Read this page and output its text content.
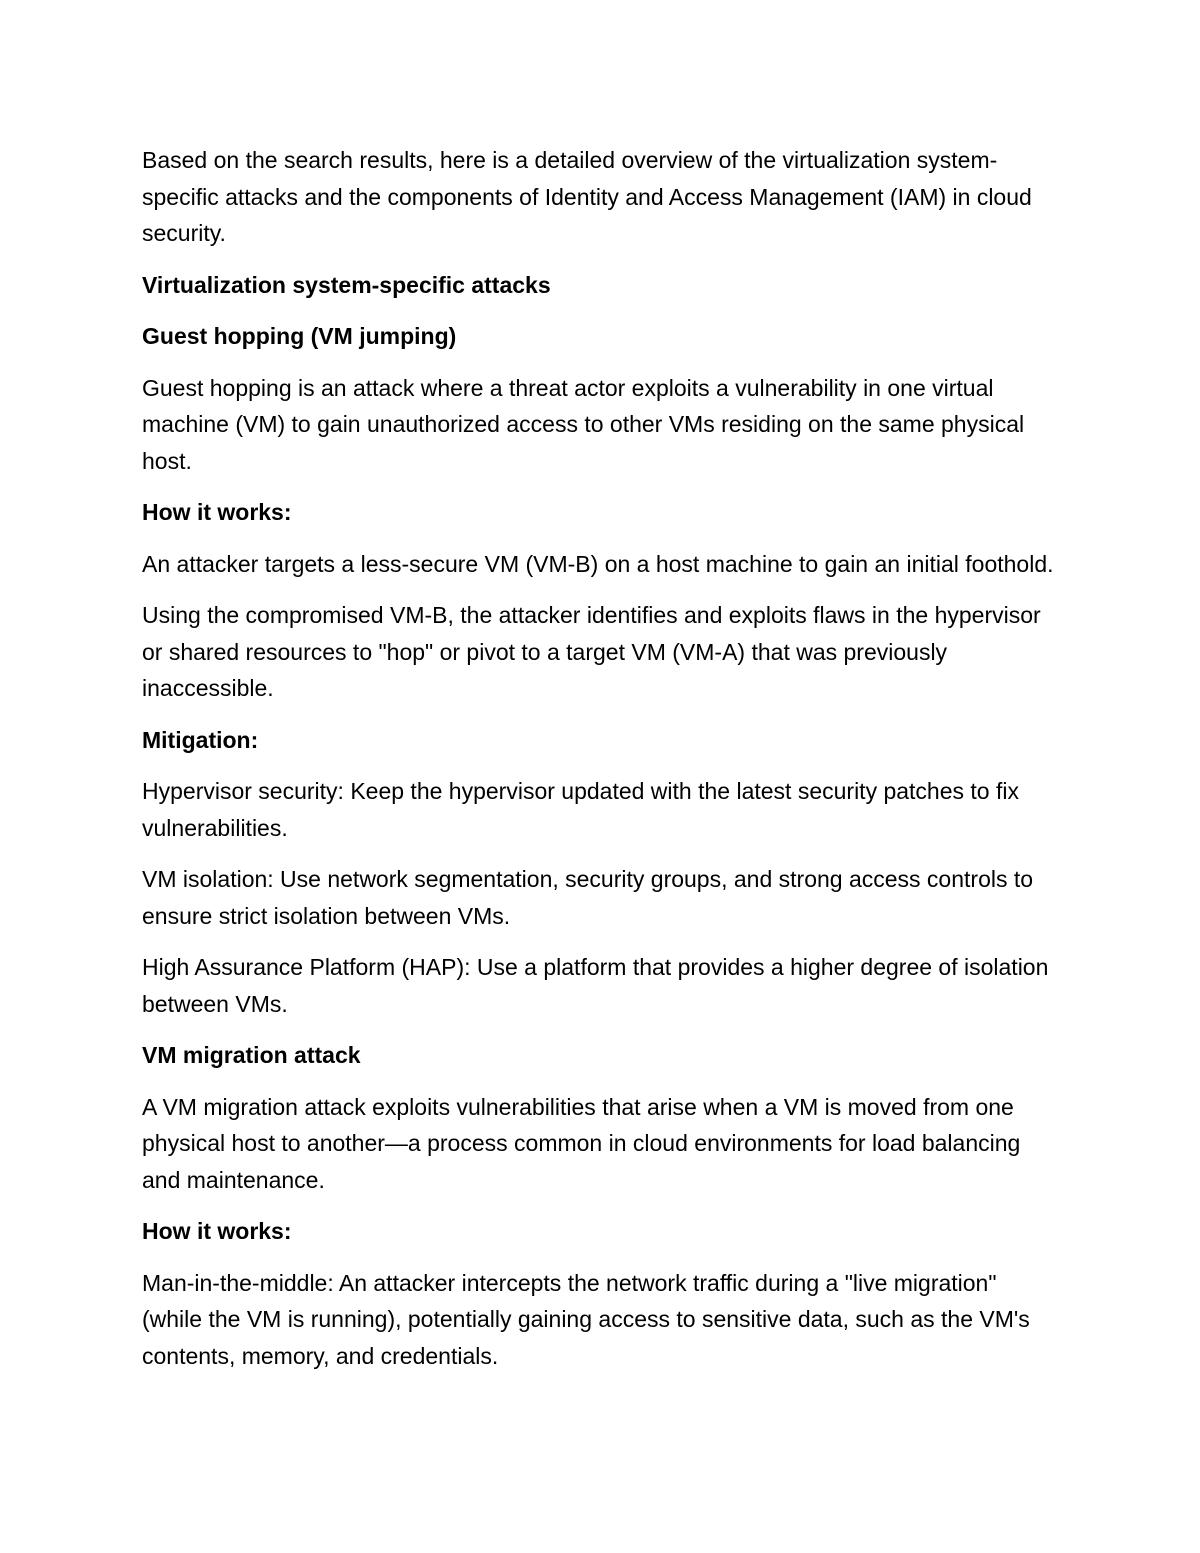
Based on the search results, here is a detailed overview of the virtualization system-specific attacks and the components of Identity and Access Management (IAM) in cloud security.

Virtualization system-specific attacks

Guest hopping (VM jumping)

Guest hopping is an attack where a threat actor exploits a vulnerability in one virtual machine (VM) to gain unauthorized access to other VMs residing on the same physical host.

How it works:

An attacker targets a less-secure VM (VM-B) on a host machine to gain an initial foothold.

Using the compromised VM-B, the attacker identifies and exploits flaws in the hypervisor or shared resources to "hop" or pivot to a target VM (VM-A) that was previously inaccessible.

Mitigation:

Hypervisor security: Keep the hypervisor updated with the latest security patches to fix vulnerabilities.

VM isolation: Use network segmentation, security groups, and strong access controls to ensure strict isolation between VMs.

High Assurance Platform (HAP): Use a platform that provides a higher degree of isolation between VMs.

VM migration attack

A VM migration attack exploits vulnerabilities that arise when a VM is moved from one physical host to another—a process common in cloud environments for load balancing and maintenance.

How it works:

Man-in-the-middle: An attacker intercepts the network traffic during a "live migration" (while the VM is running), potentially gaining access to sensitive data, such as the VM's contents, memory, and credentials.
